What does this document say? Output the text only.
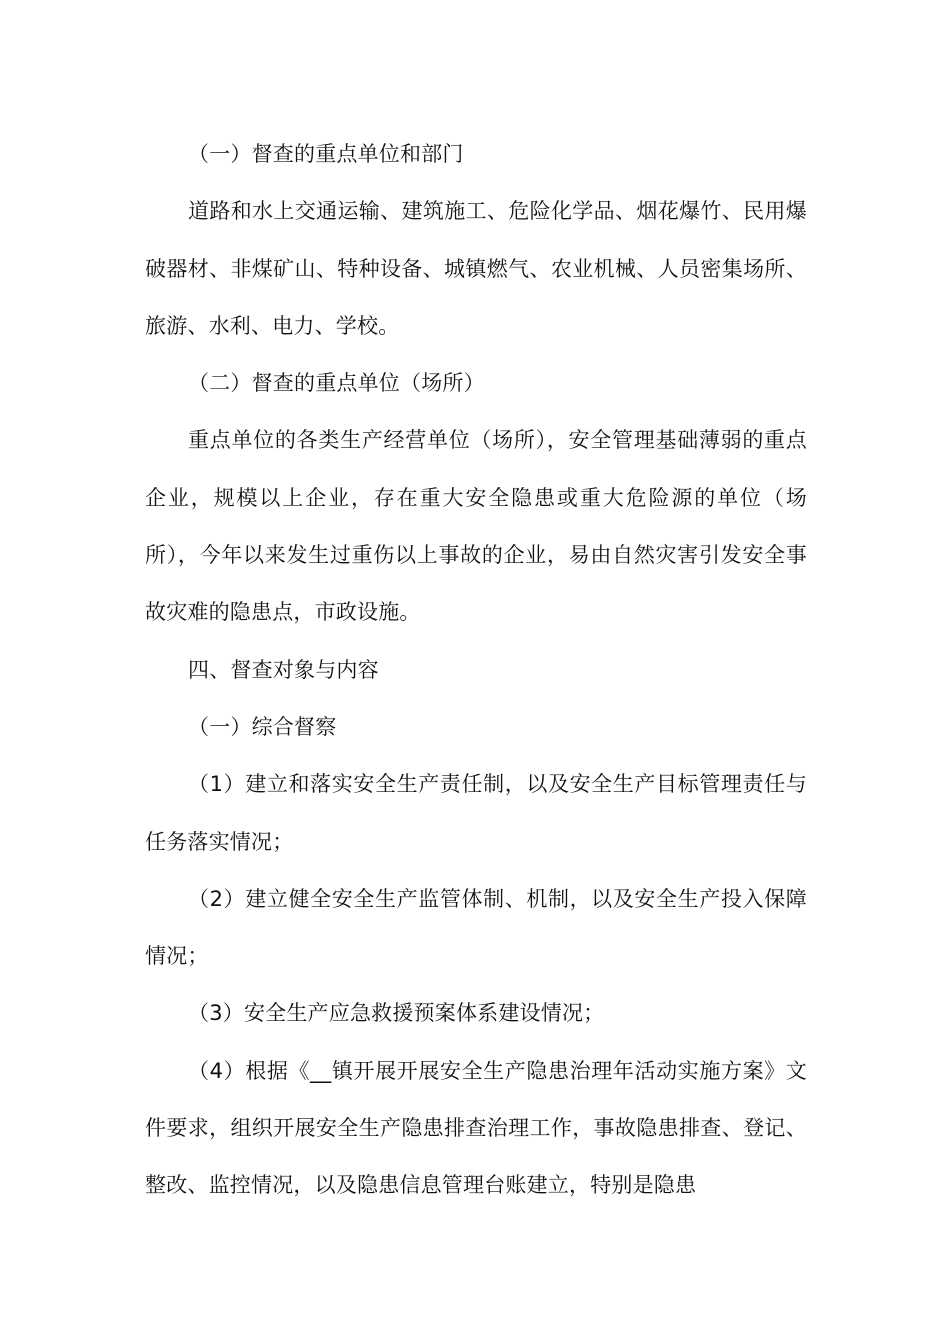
（一）督查的重点单位和部门

道路和水上交通运输、建筑施工、危险化学品、烟花爆竹、民用爆破器材、非煤矿山、特种设备、城镇燃气、农业机械、人员密集场所、旅游、水利、电力、学校。

（二）督查的重点单位（场所）

重点单位的各类生产经营单位（场所），安全管理基础薄弱的重点企业，规模以上企业，存在重大安全隐患或重大危险源的单位（场所），今年以来发生过重伤以上事故的企业，易由自然灾害引发安全事故灾难的隐患点，市政设施。

四、督查对象与内容

（一）综合督察

（1）建立和落实安全生产责任制，以及安全生产目标管理责任与任务落实情况；

（2）建立健全安全生产监管体制、机制，以及安全生产投入保障情况；

（3）安全生产应急救援预案体系建设情况；

（4）根据《__镇开展开展安全生产隐患治理年活动实施方案》文件要求，组织开展安全生产隐患排查治理工作，事故隐患排查、登记、整改、监控情况，以及隐患信息管理台账建立，特别是隐患
